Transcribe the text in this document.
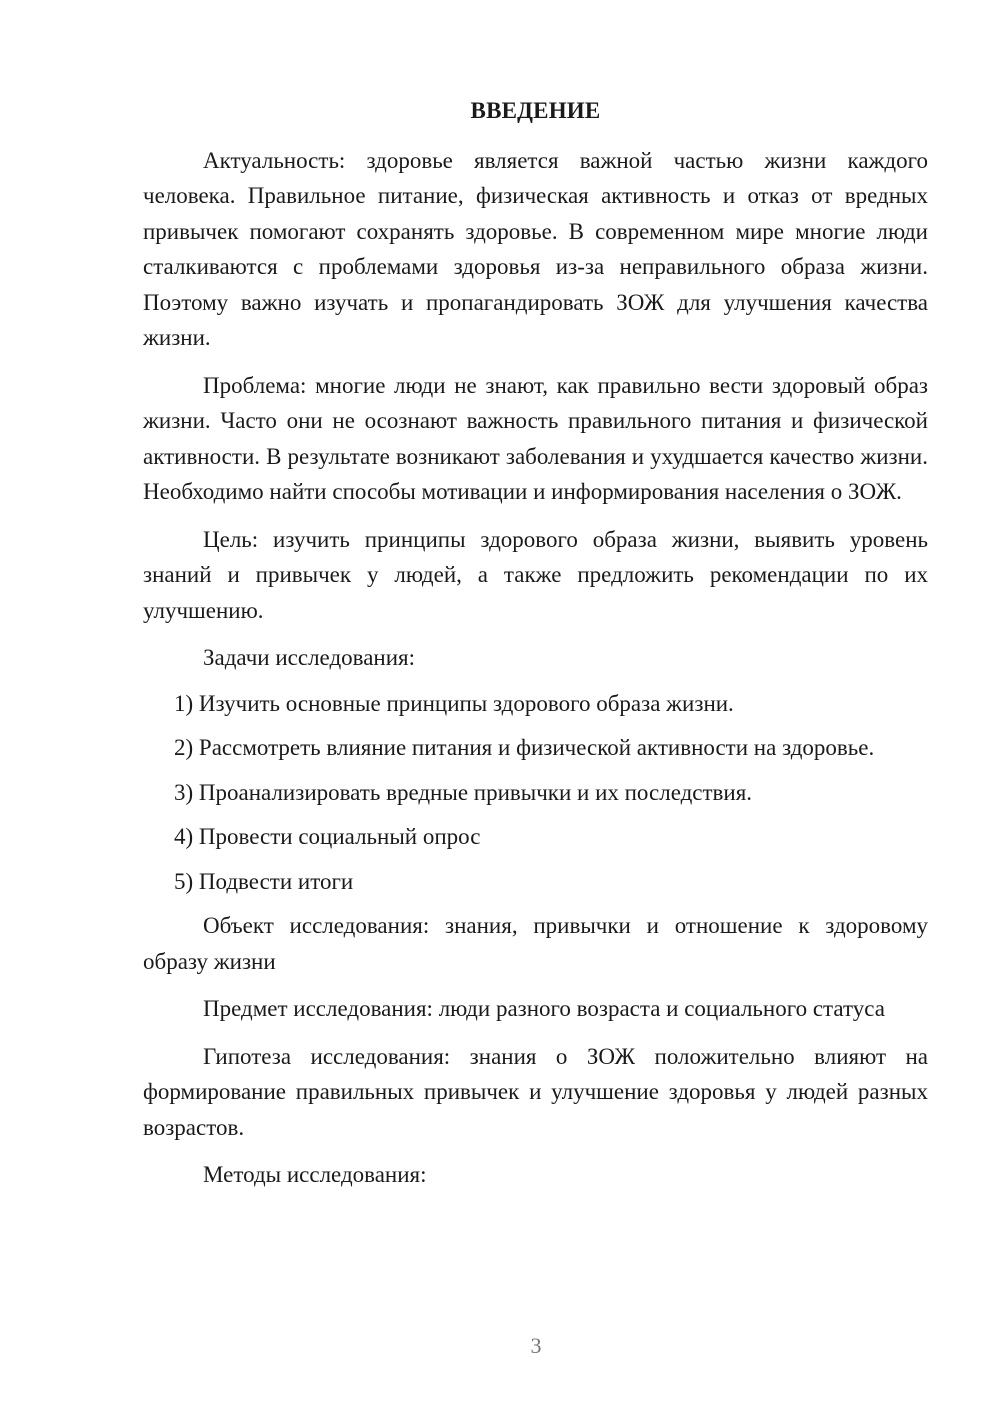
ВВЕДЕНИЕ

Актуальность: здоровье является важной частью жизни каждого человека. Правильное питание, физическая активность и отказ от вредных привычек помогают сохранять здоровье. В современном мире многие люди сталкиваются с проблемами здоровья из-за неправильного образа жизни. Поэтому важно изучать и пропагандировать ЗОЖ для улучшения качества жизни.

Проблема: многие люди не знают, как правильно вести здоровый образ жизни. Часто они не осознают важность правильного питания и физической активности. В результате возникают заболевания и ухудшается качество жизни. Необходимо найти способы мотивации и информирования населения о ЗОЖ.

Цель: изучить принципы здорового образа жизни, выявить уровень знаний и привычек у людей, а также предложить рекомендации по их улучшению.

Задачи исследования:

1) Изучить основные принципы здорового образа жизни.

2) Рассмотреть влияние питания и физической активности на здоровье.

3) Проанализировать вредные привычки и их последствия.

4) Провести социальный опрос

5) Подвести итоги

Объект исследования: знания, привычки и отношение к здоровому образу жизни

Предмет исследования: люди разного возраста и социального статуса

Гипотеза исследования: знания о ЗОЖ положительно влияют на формирование правильных привычек и улучшение здоровья у людей разных возрастов.

Методы исследования:

3
